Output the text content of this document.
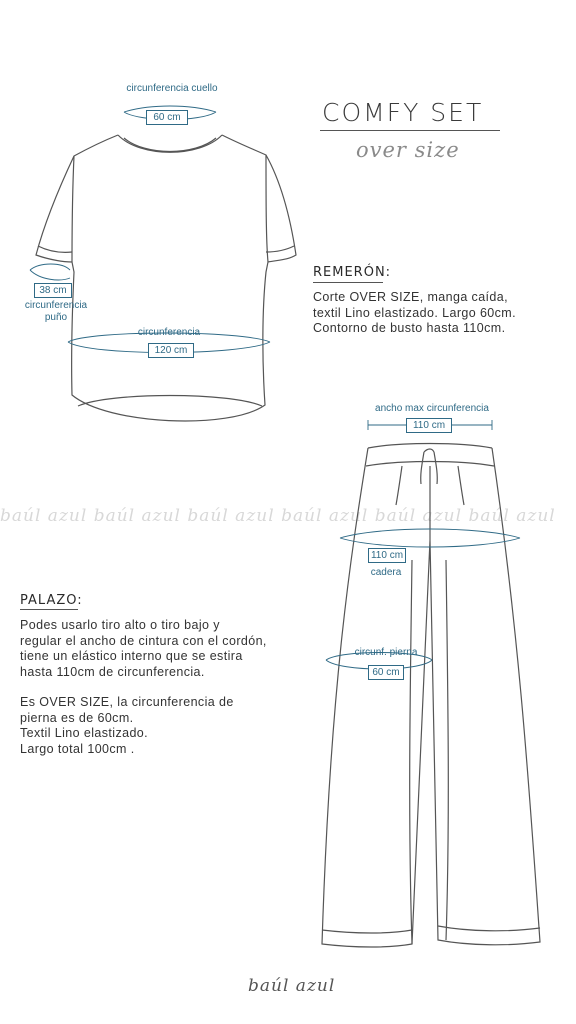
baúl azul baúl azul baúl azul baúl azul baúl azul baúl azul
COMFY SET
over size
circunferencia cuello
60 cm
38 cm
circunferencia puño
circunferencia
120 cm
REMERÓN:

Corte OVER SIZE, manga caída,

textil Lino elastizado. Largo 60cm.

Contorno de busto hasta 110cm.

ancho max circunferencia
110 cm
110 cm
cadera
circunf. pierna
60 cm
PALAZO:

Podes usarlo tiro alto o tiro bajo y

regular el ancho de cintura con el cordón,

tiene un elástico interno que se estira

hasta 110cm de circunferencia.

Es OVER SIZE, la circunferencia de

pierna es de 60cm.

Textil Lino elastizado.

Largo total 100cm .

baúl azul
